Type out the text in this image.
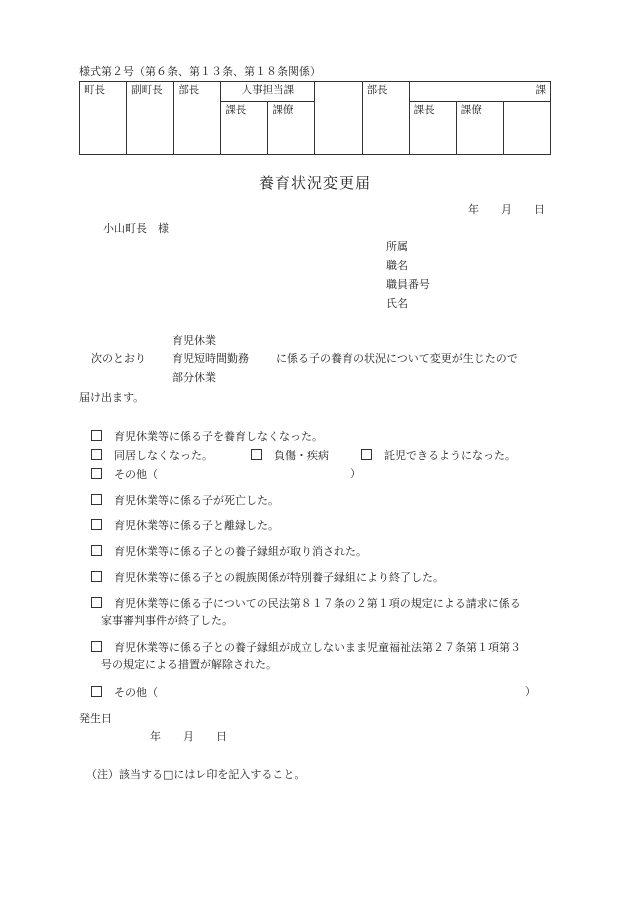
様式第２号（第６条、第１３条、第１８条関係）
町長	副町長	部長	人事担当課			部長	課		
			課長	課僚			課長	課僚	

養育状況変更届
年　　月　　日
小山町長　様
所属
職名
職員番号
氏名
育児休業
次のとおり 育児短時間勤務 に係る子の養育の状況について変更が生じたので
部分休業
届け出ます。
育児休業等に係る子を養育しなくなった。
同居しなくなった。	負傷・疾病	託児できるようになった。
その他（	）
育児休業等に係る子が死亡した。
育児休業等に係る子と離縁した。
育児休業等に係る子との養子縁組が取り消された。
育児休業等に係る子との親族関係が特別養子縁組により終了した。
育児休業等に係る子についての民法第８１７条の２第１項の規定による請求に係る
家事審判事件が終了した。
育児休業等に係る子との養子縁組が成立しないまま児童福祉法第２７条第１項第３
号の規定による措置が解除された。
その他（	）
発生日
年　　月　　日
（注）該当する□にはレ印を記入すること。
